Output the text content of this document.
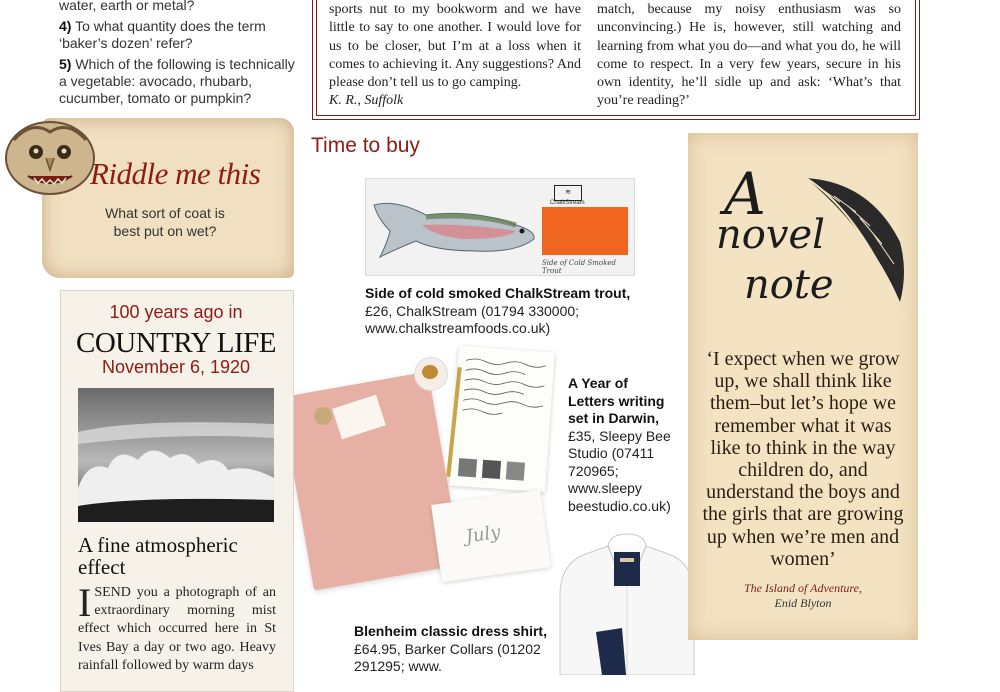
water, earth or metal?

4) To what quantity does the term ‘baker’s dozen’ refer?

5) Which of the following is technically a vegetable: avocado, rhubarb, cucumber, tomato or pumpkin?

sports nut to my bookworm and we have little to say to one another. I would love for us to be closer, but I’m at a loss when it comes to achieving it. Any suggestions? And please don’t tell us to go camping.
K. R., Suffolk
match, because my noisy enthusiasm was so unconvincing.) He is, however, still watching and learning from what you do—and what you do, he will come to respect. In a very few years, secure in his own identity, he’ll sidle up and ask: ‘What’s that you’re reading?’
Riddle me this
What sort of coat is best put on wet?
Time to buy
≋
ChalkStream
Side of Cold Smoked Trout
Side of cold smoked ChalkStream trout, £26, ChalkStream (01794 330000; www.chalkstreamfoods.co.uk)
July
A Year of Letters writing set in Darwin, £35, Sleepy Bee Studio (07411 720965; www.sleepy beestudio.co.uk)
Blenheim classic dress shirt, £64.95, Barker Collars (01202 291295; www.
100 years ago in
COUNTRY LIFE
November 6, 1920
A fine atmospheric effect
ISEND you a photograph of an extraordinary morning mist effect which occurred here in St Ives Bay a day or two ago. Heavy rainfall followed by warm days
A
novel
note
‘I expect when we grow up, we shall think like them–but let’s hope we remember what it was like to think in the way children do, and understand the boys and the girls that are growing up when we’re men and women’
The Island of Adventure,
Enid Blyton
